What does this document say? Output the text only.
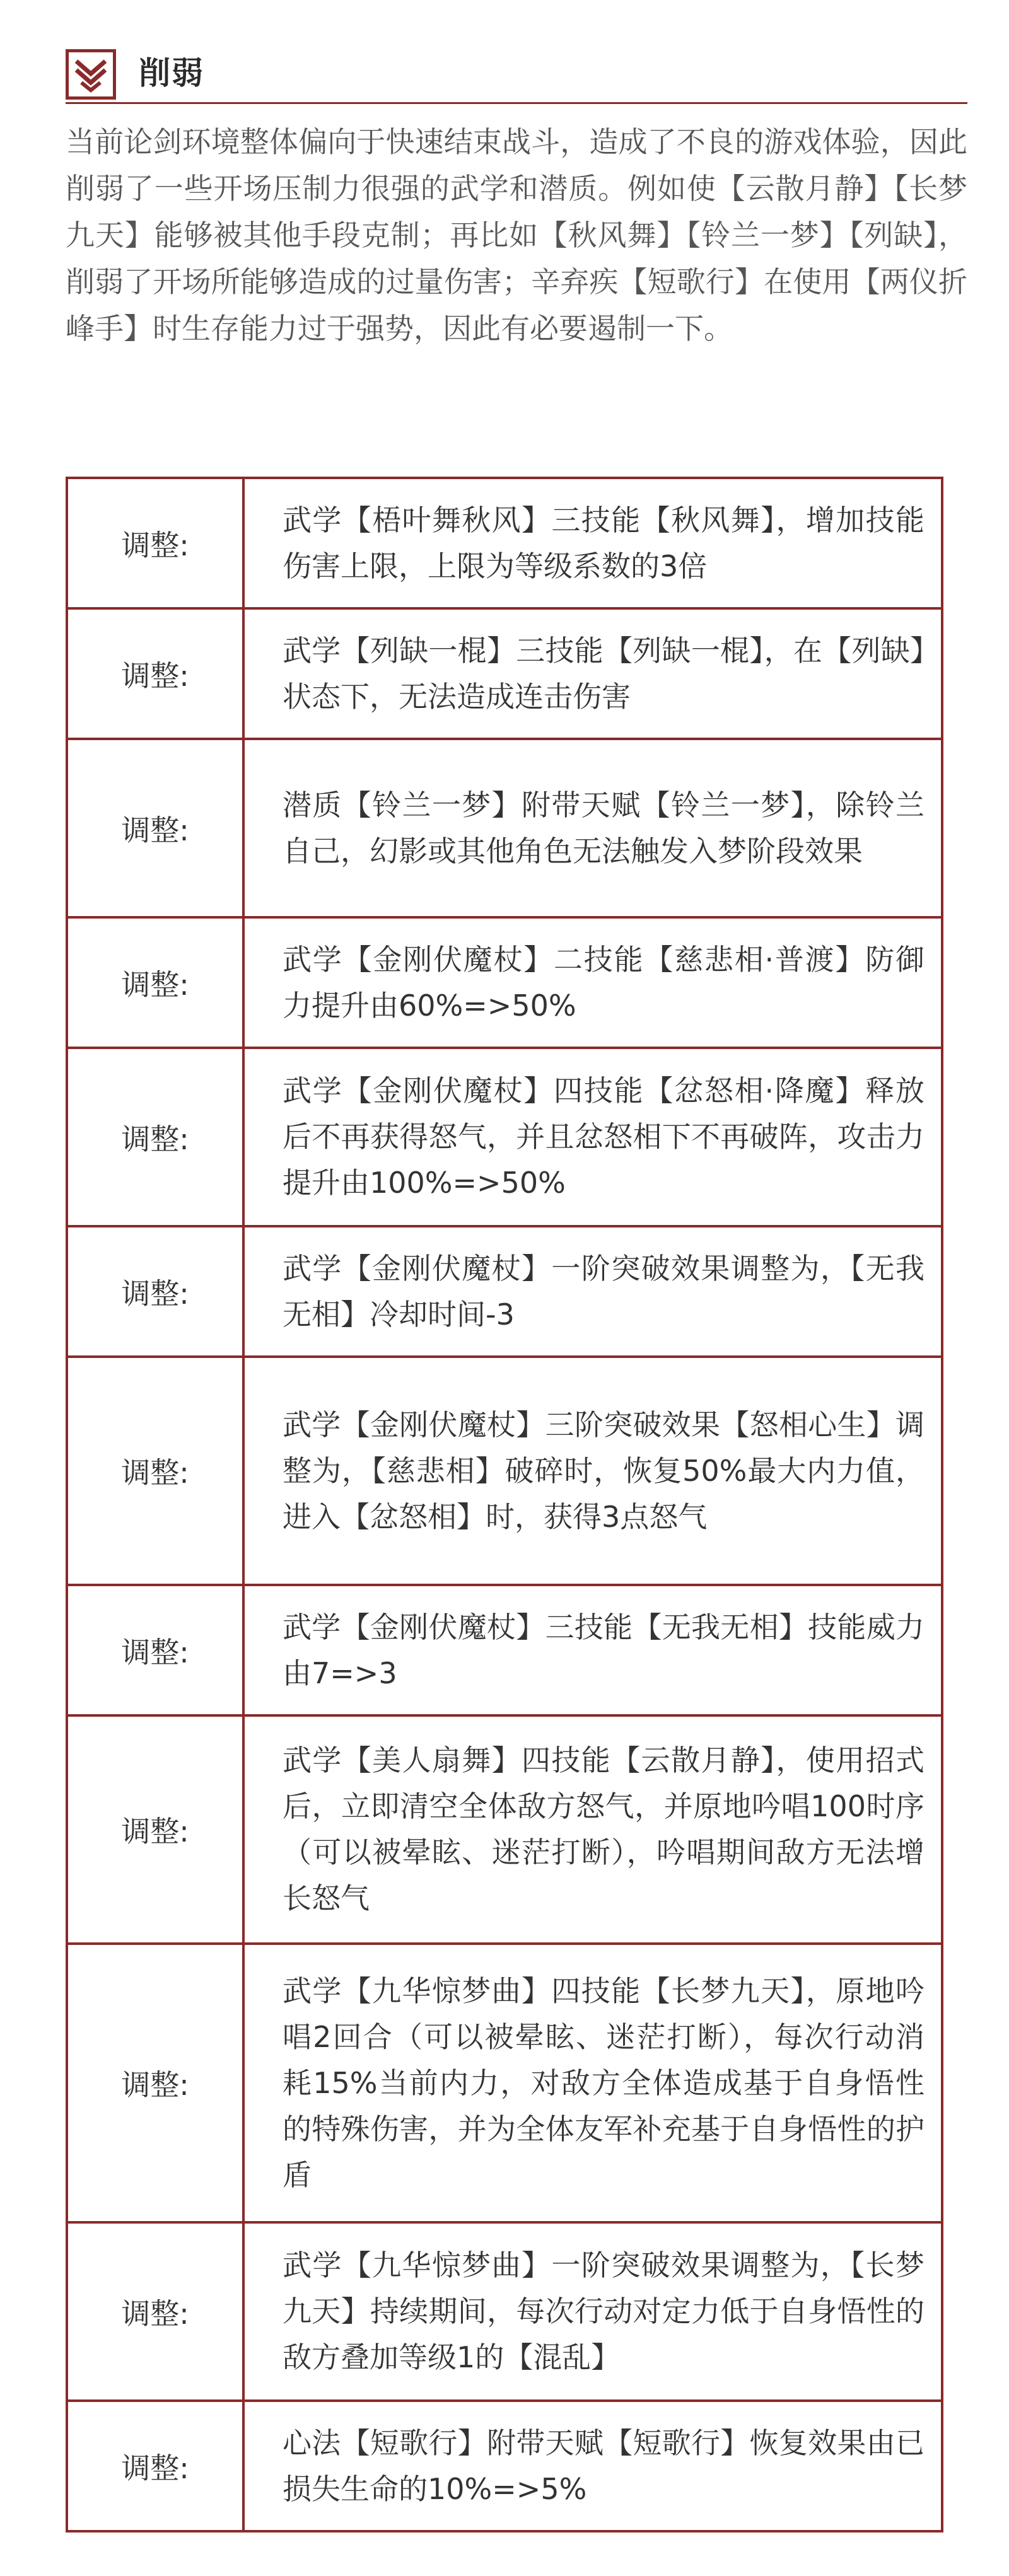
削弱

当前论剑环境整体偏向于快速结束战斗，造成了不良的游戏体验，因此削弱了一些开场压制力很强的武学和潜质。例如使【云散月静】【长梦九天】能够被其他手段克制；再比如【秋风舞】【铃兰一梦】【列缺】，削弱了开场所能够造成的过量伤害；辛弃疾【短歌行】在使用【两仪折峰手】时生存能力过于强势，因此有必要遏制一下。

调整:	武学【梧叶舞秋风】三技能【秋风舞】，增加技能伤害上限，上限为等级系数的3倍
调整:	武学【列缺一棍】三技能【列缺一棍】，在【列缺】状态下，无法造成连击伤害
调整:	潜质【铃兰一梦】附带天赋【铃兰一梦】，除铃兰自己，幻影或其他角色无法触发入梦阶段效果
调整:	武学【金刚伏魔杖】二技能【慈悲相·普渡】防御力提升由60%=>50%
调整:	武学【金刚伏魔杖】四技能【忿怒相·降魔】释放后不再获得怒气，并且忿怒相下不再破阵，攻击力提升由100%=>50%
调整:	武学【金刚伏魔杖】一阶突破效果调整为，【无我无相】冷却时间-3
调整:	武学【金刚伏魔杖】三阶突破效果【怒相心生】调整为，【慈悲相】破碎时，恢复50%最大内力值，进入【忿怒相】时，获得3点怒气
调整:	武学【金刚伏魔杖】三技能【无我无相】技能威力由7=>3
调整:	武学【美人扇舞】四技能【云散月静】，使用招式后，立即清空全体敌方怒气，并原地吟唱100时序（可以被晕眩、迷茫打断），吟唱期间敌方无法增长怒气
调整:	武学【九华惊梦曲】四技能【长梦九天】，原地吟唱2回合（可以被晕眩、迷茫打断），每次行动消耗15%当前内力，对敌方全体造成基于自身悟性的特殊伤害，并为全体友军补充基于自身悟性的护盾
调整:	武学【九华惊梦曲】一阶突破效果调整为，【长梦九天】持续期间，每次行动对定力低于自身悟性的敌方叠加等级1的【混乱】
调整:	心法【短歌行】附带天赋【短歌行】恢复效果由已损失生命的10%=>5%
